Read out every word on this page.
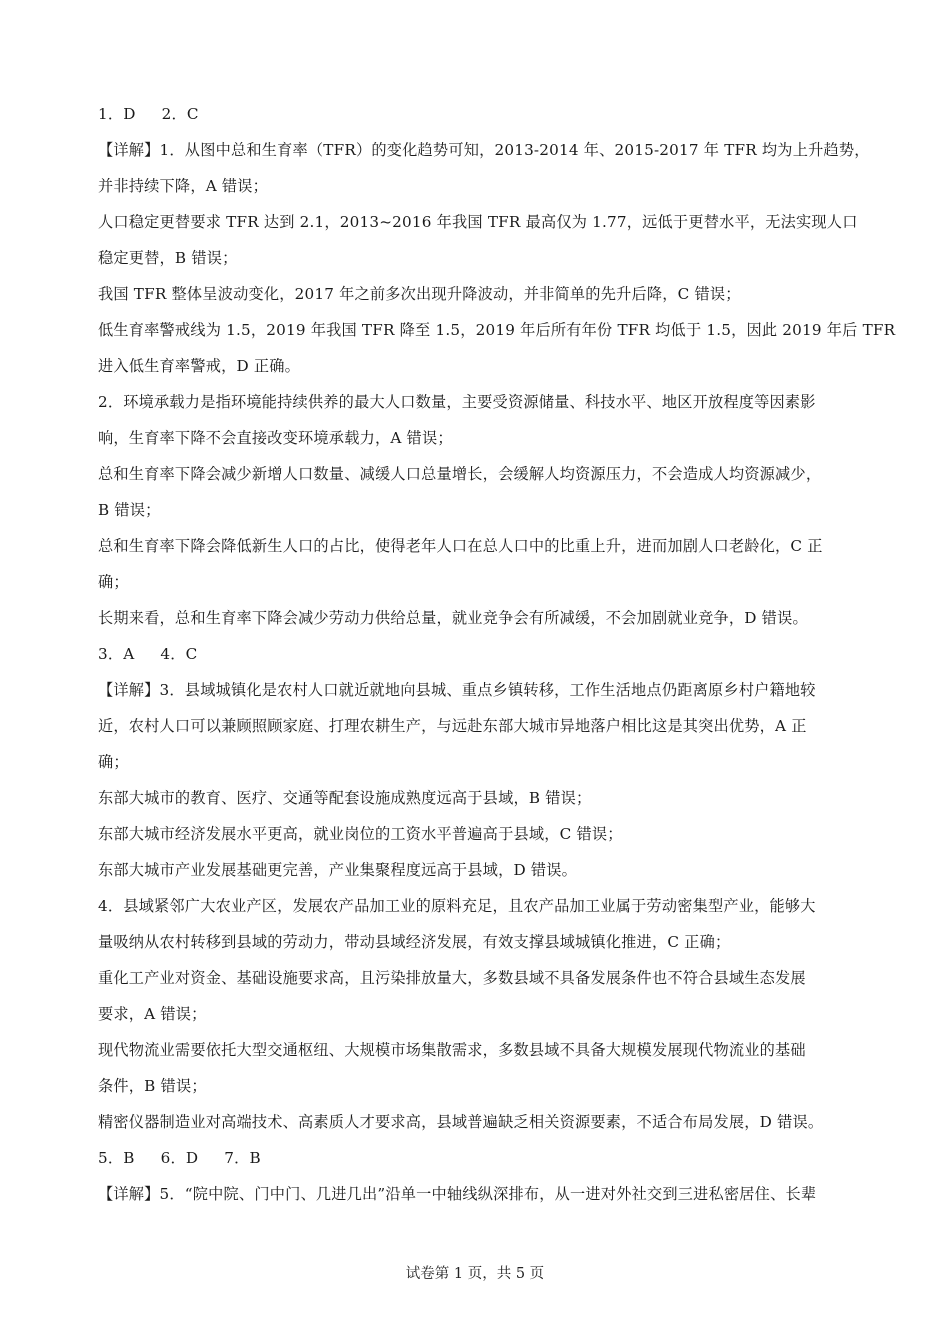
1．D 2．C
【详解】1．从图中总和生育率（TFR）的变化趋势可知，2013-2014 年、2015-2017 年 TFR 均为上升趋势，
并非持续下降，A 错误；
人口稳定更替要求 TFR 达到 2.1，2013~2016 年我国 TFR 最高仅为 1.77，远低于更替水平，无法实现人口
稳定更替，B 错误；
我国 TFR 整体呈波动变化，2017 年之前多次出现升降波动，并非简单的先升后降，C 错误；
低生育率警戒线为 1.5，2019 年我国 TFR 降至 1.5，2019 年后所有年份 TFR 均低于 1.5，因此 2019 年后 TFR
进入低生育率警戒，D 正确。
2．环境承载力是指环境能持续供养的最大人口数量，主要受资源储量、科技水平、地区开放程度等因素影
响，生育率下降不会直接改变环境承载力，A 错误；
总和生育率下降会减少新增人口数量、减缓人口总量增长，会缓解人均资源压力，不会造成人均资源减少，
B 错误；
总和生育率下降会降低新生人口的占比，使得老年人口在总人口中的比重上升，进而加剧人口老龄化，C 正
确；
长期来看，总和生育率下降会减少劳动力供给总量，就业竞争会有所减缓，不会加剧就业竞争，D 错误。
3．A 4．C
【详解】3．县域城镇化是农村人口就近就地向县城、重点乡镇转移，工作生活地点仍距离原乡村户籍地较
近，农村人口可以兼顾照顾家庭、打理农耕生产，与远赴东部大城市异地落户相比这是其突出优势，A 正
确；
东部大城市的教育、医疗、交通等配套设施成熟度远高于县域，B 错误；
东部大城市经济发展水平更高，就业岗位的工资水平普遍高于县域，C 错误；
东部大城市产业发展基础更完善，产业集聚程度远高于县域，D 错误。
4．县域紧邻广大农业产区，发展农产品加工业的原料充足，且农产品加工业属于劳动密集型产业，能够大
量吸纳从农村转移到县域的劳动力，带动县域经济发展，有效支撑县域城镇化推进，C 正确；
重化工产业对资金、基础设施要求高，且污染排放量大，多数县域不具备发展条件也不符合县域生态发展
要求，A 错误；
现代物流业需要依托大型交通枢纽、大规模市场集散需求，多数县域不具备大规模发展现代物流业的基础
条件，B 错误；
精密仪器制造业对高端技术、高素质人才要求高，县域普遍缺乏相关资源要素，不适合布局发展，D 错误。
5．B 6．D 7．B
【详解】5．“院中院、门中门、几进几出”沿单一中轴线纵深排布，从一进对外社交到三进私密居住、长辈
试卷第 1 页，共 5 页
